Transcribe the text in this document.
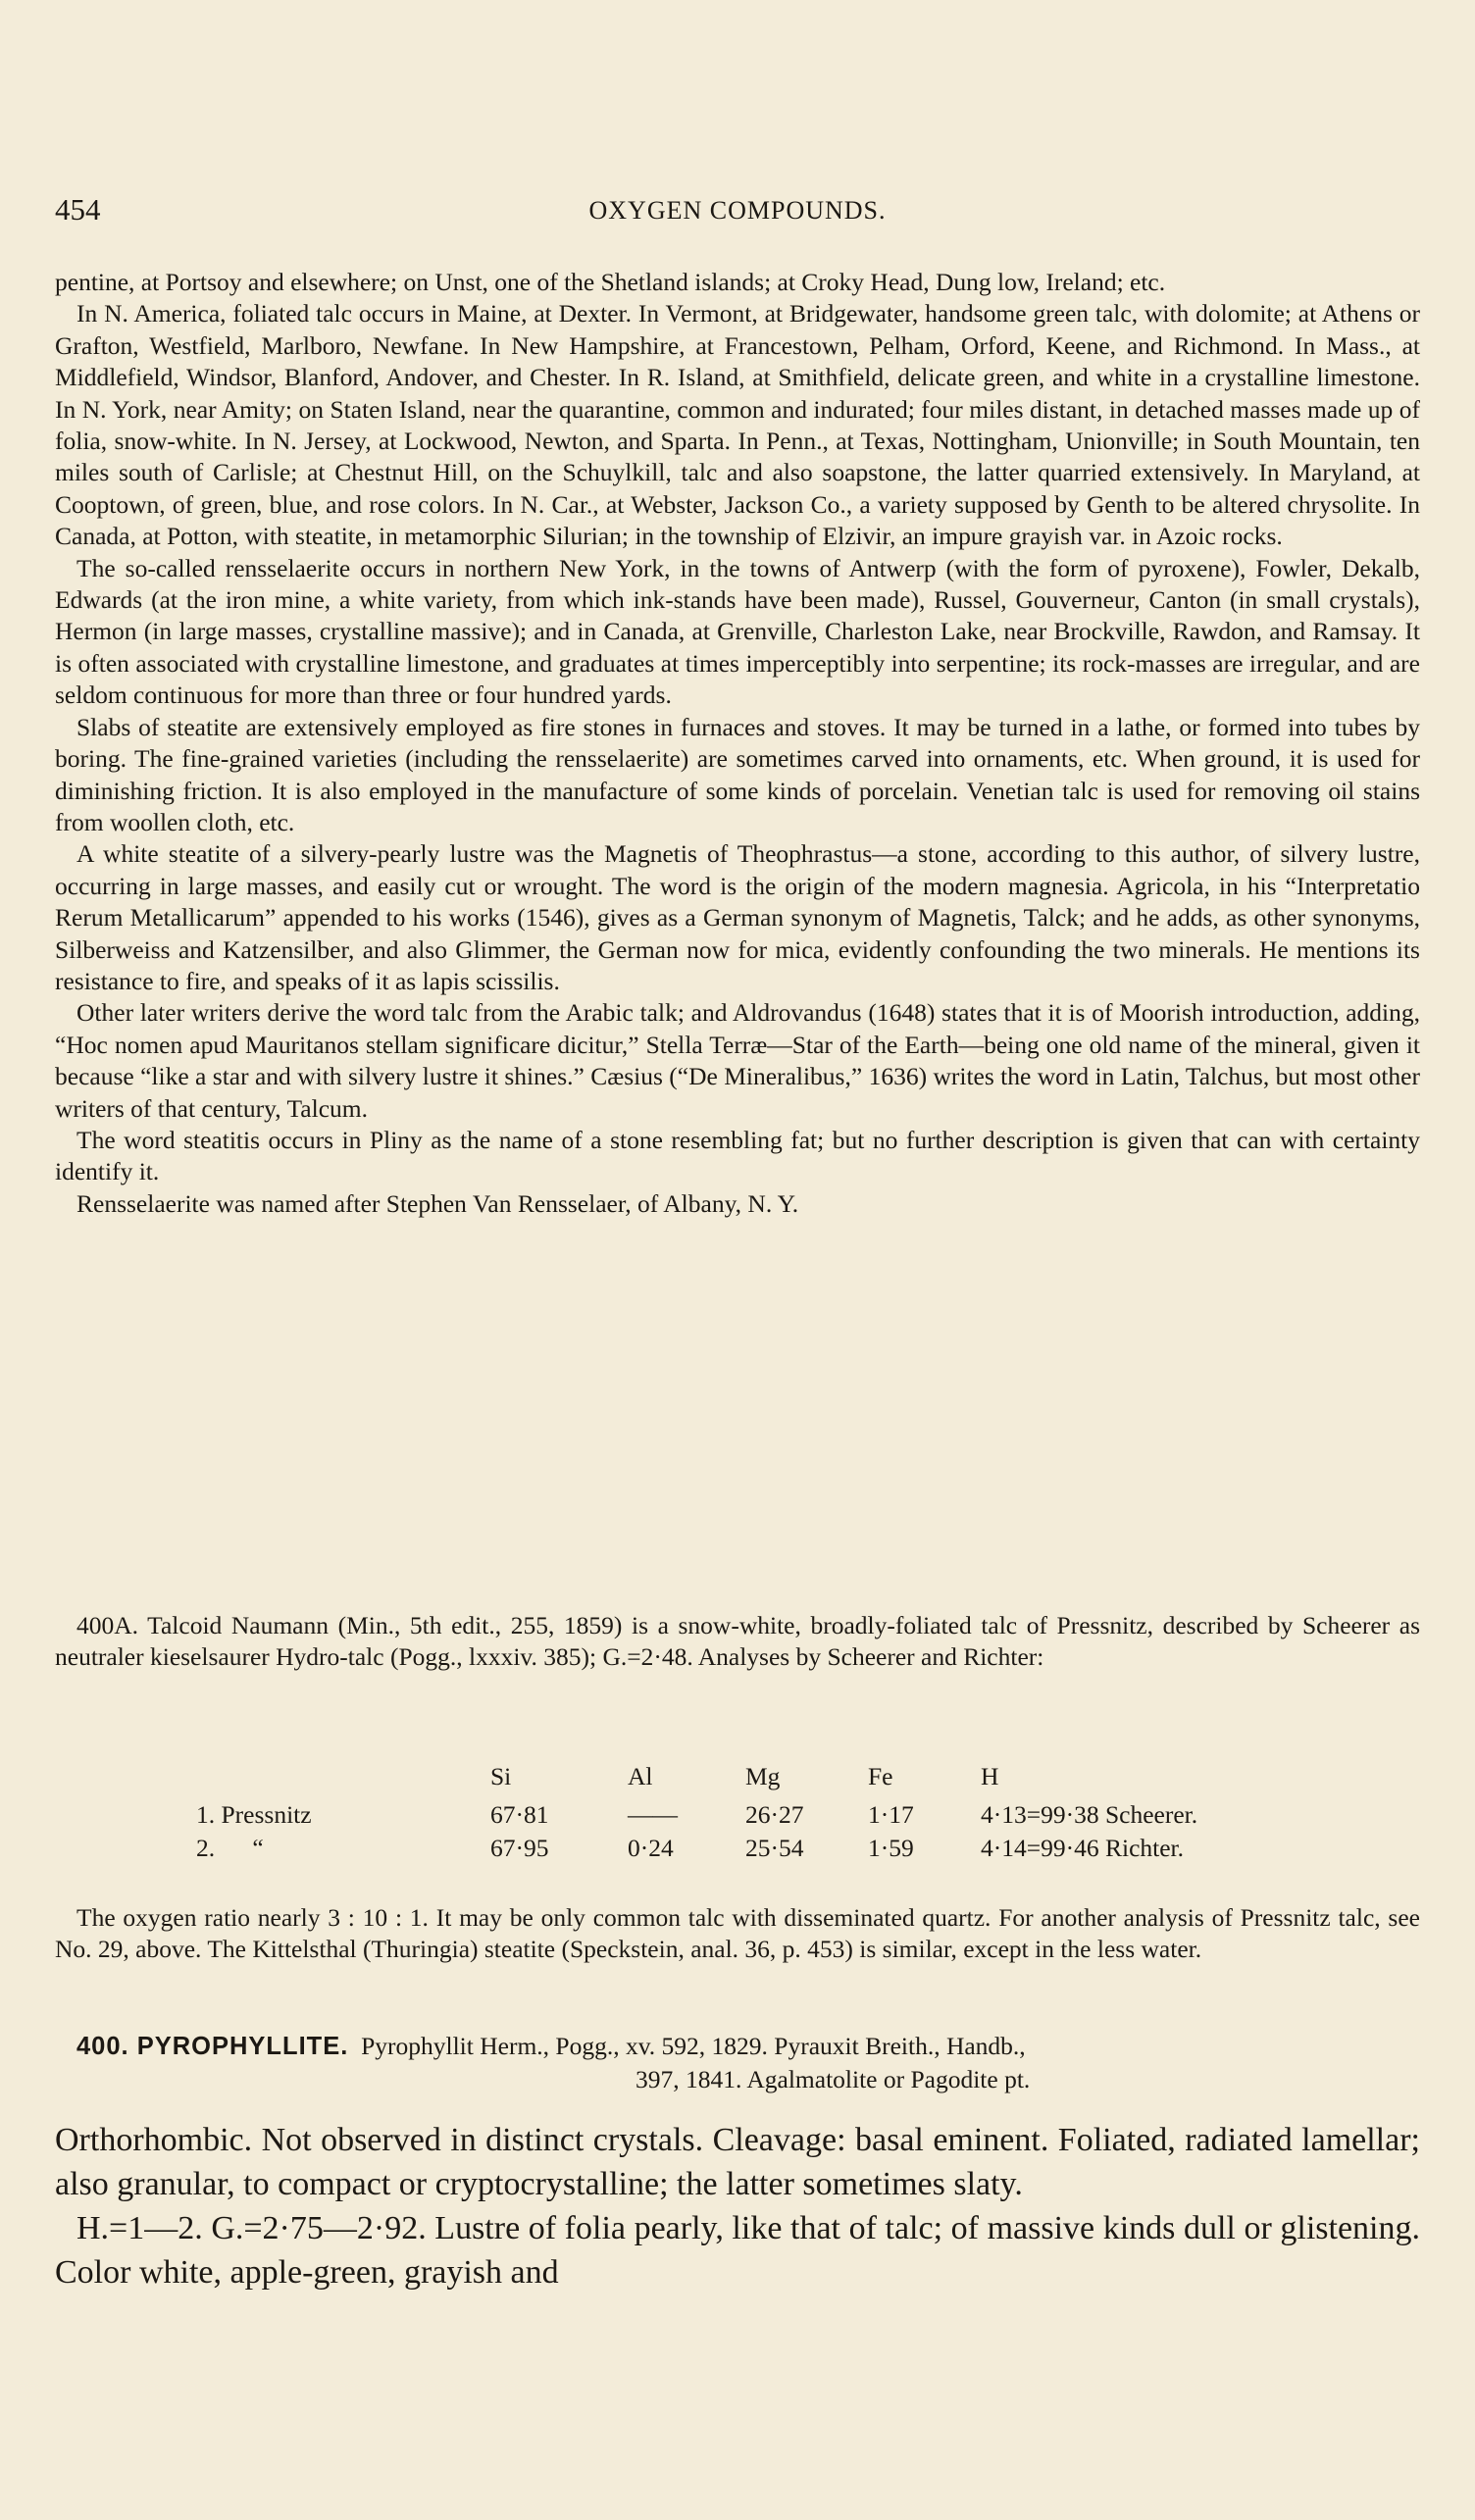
454	OXYGEN COMPOUNDS.

pentine, at Portsoy and elsewhere; on Unst, one of the Shetland islands; at Croky Head, Dung low, Ireland; etc.

In N. America, foliated talc occurs in Maine, at Dexter. In Vermont, at Bridgewater, handsome green talc, with dolomite; at Athens or Grafton, Westfield, Marlboro, Newfane. In New Hampshire, at Francestown, Pelham, Orford, Keene, and Richmond. In Mass., at Middlefield, Windsor, Blanford, Andover, and Chester. In R. Island, at Smithfield, delicate green, and white in a crystalline limestone. In N. York, near Amity; on Staten Island, near the quarantine, common and indurated; four miles distant, in detached masses made up of folia, snow-white. In N. Jersey, at Lockwood, Newton, and Sparta. In Penn., at Texas, Nottingham, Unionville; in South Mountain, ten miles south of Carlisle; at Chestnut Hill, on the Schuylkill, talc and also soapstone, the latter quarried extensively. In Maryland, at Cooptown, of green, blue, and rose colors. In N. Car., at Webster, Jackson Co., a variety supposed by Genth to be altered chrysolite. In Canada, at Potton, with steatite, in metamorphic Silurian; in the township of Elzivir, an impure grayish var. in Azoic rocks.

The so-called rensselaerite occurs in northern New York, in the towns of Antwerp (with the form of pyroxene), Fowler, Dekalb, Edwards (at the iron mine, a white variety, from which ink-stands have been made), Russel, Gouverneur, Canton (in small crystals), Hermon (in large masses, crystalline massive); and in Canada, at Grenville, Charleston Lake, near Brockville, Rawdon, and Ramsay. It is often associated with crystalline limestone, and graduates at times imperceptibly into serpentine; its rock-masses are irregular, and are seldom continuous for more than three or four hundred yards.

Slabs of steatite are extensively employed as fire stones in furnaces and stoves. It may be turned in a lathe, or formed into tubes by boring. The fine-grained varieties (including the rensselaerite) are sometimes carved into ornaments, etc. When ground, it is used for diminishing friction. It is also employed in the manufacture of some kinds of porcelain. Venetian talc is used for removing oil stains from woollen cloth, etc.

A white steatite of a silvery-pearly lustre was the Magnetis of Theophrastus—a stone, according to this author, of silvery lustre, occurring in large masses, and easily cut or wrought. The word is the origin of the modern magnesia. Agricola, in his “Interpretatio Rerum Metallicarum” appended to his works (1546), gives as a German synonym of Magnetis, Talck; and he adds, as other synonyms, Silberweiss and Katzensilber, and also Glimmer, the German now for mica, evidently confounding the two minerals. He mentions its resistance to fire, and speaks of it as lapis scissilis.

Other later writers derive the word talc from the Arabic talk; and Aldrovandus (1648) states that it is of Moorish introduction, adding, “Hoc nomen apud Mauritanos stellam significare dicitur,” Stella Terræ—Star of the Earth—being one old name of the mineral, given it because “like a star and with silvery lustre it shines.” Cæsius (“De Mineralibus,” 1636) writes the word in Latin, Talchus, but most other writers of that century, Talcum.

The word steatitis occurs in Pliny as the name of a stone resembling fat; but no further description is given that can with certainty identify it.

Rensselaerite was named after Stephen Van Rensselaer, of Albany, N. Y.

400A. Talcoid Naumann (Min., 5th edit., 255, 1859) is a snow-white, broadly-foliated talc of Pressnitz, described by Scheerer as neutraler kieselsaurer Hydro-talc (Pogg., lxxxiv. 385); G.=2·48. Analyses by Scheerer and Richter:

	Si	Al	Mg	Fe	H
1. Pressnitz	67·81	——	26·27	1·17	4·13=99·38 Scheerer.
2.      “	67·95	0·24	25·54	1·59	4·14=99·46 Richter.

The oxygen ratio nearly 3 : 10 : 1. It may be only common talc with disseminated quartz. For another analysis of Pressnitz talc, see No. 29, above. The Kittelsthal (Thuringia) steatite (Speckstein, anal. 36, p. 453) is similar, except in the less water.

400. PYROPHYLLITE. Pyrophyllit Herm., Pogg., xv. 592, 1829. Pyrauxit Breith., Handb.,

397, 1841. Agalmatolite or Pagodite pt.

Orthorhombic. Not observed in distinct crystals. Cleavage: basal eminent. Foliated, radiated lamellar; also granular, to compact or cryptocrystalline; the latter sometimes slaty.

H.=1—2. G.=2·75—2·92. Lustre of folia pearly, like that of talc; of massive kinds dull or glistening. Color white, apple-green, grayish and
